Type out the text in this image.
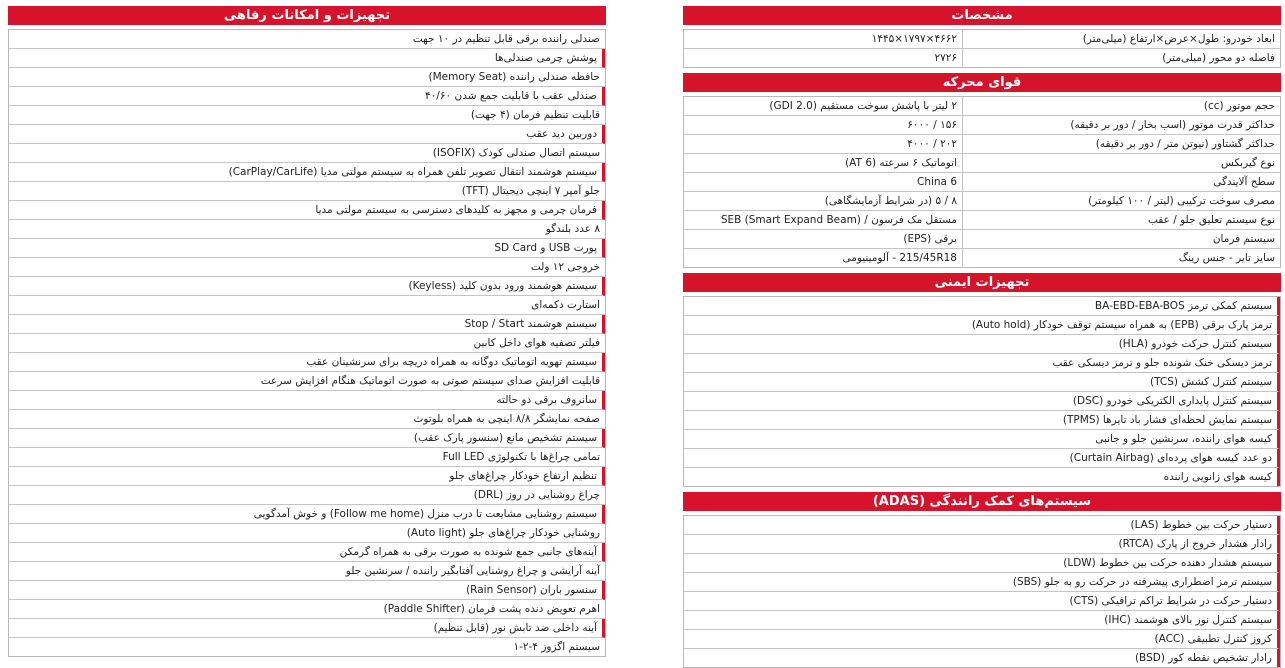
مشخصات
ابعاد خودرو: طول×عرض×ارتفاع (میلی‌متر)
۴۶۶۲×۱۷۹۷×۱۴۴۵
فاصله دو محور (میلی‌متر)
۲۷۲۶
قوای محرکه
حجم موتور (cc)
۲ لیتر با پاشش سوخت مستقیم (GDI 2.0)
حداکثر قدرت موتور (اسب بخار / دور بر دقیقه)
۱۵۶ / ۶۰۰۰
حداکثر گشتاور (نیوتن متر / دور بر دقیقه)
۲۰۲ / ۴۰۰۰
نوع گیربکس
اتوماتیک ۶ سرعته (6 AT)
سطح آلایندگی
China 6
مصرف سوخت ترکیبی (لیتر / ۱۰۰ کیلومتر)
۸ / ۵ (در شرایط آزمایشگاهی)
نوع سیستم تعلیق جلو / عقب
مستقل مک فرسون / SEB (Smart Expand Beam)
سیستم فرمان
برقی (EPS)
سایز تایر - جنس رینگ
215/45R18 - آلومینیومی
تجهیزات ایمنی
سیستم کمکی ترمز BA-EBD-EBA-BOS
ترمز پارک برقی (EPB) به همراه سیستم توقف خودکار (Auto hold)
سیستم کنترل حرکت خودرو (HLA)
ترمز دیسکی خنک شونده جلو و ترمز دیسکی عقب
سیستم کنترل کشش (TCS)
سیستم کنترل پایداری الکتریکی خودرو (DSC)
سیستم نمایش لحظه‌ای فشار باد تایرها (TPMS)
کیسه هوای راننده، سرنشین جلو و جانبی
دو عدد کیسه هوای پرده‌ای (Curtain Airbag)
کیسه هوای زانویی راننده
سیستم‌های کمک رانندگی (ADAS)
دستیار حرکت بین خطوط (LAS)
رادار هشدار خروج از پارک (RTCA)
سیستم هشدار دهنده حرکت بین خطوط (LDW)
سیستم ترمز اضطراری پیشرفته در حرکت رو به جلو (SBS)
دستیار حرکت در شرایط تراکم ترافیکی (CTS)
سیستم کنترل نور بالای هوشمند (IHC)
کروز کنترل تطبیقی (ACC)
رادار تشخیص نقطه کور (BSD)
تجهیزات و امکانات رفاهی
صندلی راننده برقی قابل تنظیم در ۱۰ جهت
پوشش چرمی صندلی‌ها
حافظه صندلی راننده (Memory Seat)
صندلی عقب با قابلیت جمع شدن ۴۰/۶۰
قابلیت تنظیم فرمان (۴ جهت)
دوربین دید عقب
سیستم اتصال صندلی کودک (ISOFIX)
سیستم هوشمند انتقال تصویر تلفن همراه به سیستم مولتی مدیا (CarPlay/CarLife)
جلو آمپر ۷ اینچی دیجیتال (TFT)
فرمان چرمی و مجهز به کلیدهای دسترسی به سیستم مولتی مدیا
۸ عدد بلندگو
پورت USB و SD Card
خروجی ۱۲ ولت
سیستم هوشمند ورود بدون کلید (Keyless)
استارت دکمه‌ای
سیستم هوشمند Stop / Start
فیلتر تصفیه هوای داخل کابین
سیستم تهویه اتوماتیک دوگانه به همراه دریچه برای سرنشینان عقب
قابلیت افزایش صدای سیستم صوتی به صورت اتوماتیک هنگام افزایش سرعت
سانروف برقی دو حالته
صفحه نمایشگر ۸/۸ اینچی به همراه بلوتوث
سیستم تشخیص مانع (سنسور پارک عقب)
تمامی چراغ‌ها با تکنولوژی Full LED
تنظیم ارتفاع خودکار چراغ‌های جلو
چراغ روشنایی در روز (DRL)
سیستم روشنایی مشایعت تا درب منزل (Follow me home) و خوش آمدگویی
روشنایی خودکار چراغ‌های جلو (Auto light)
آینه‌های جانبی جمع شونده به صورت برقی به همراه گرمکن
آینه آرایشی و چراغ روشنایی آفتابگیر راننده / سرنشین جلو
سنسور باران (Rain Sensor)
اهرم تعویض دنده پشت فرمان (Paddle Shifter)
آینه داخلی ضد تابش نور (قابل تنظیم)
سیستم اگزوز ۴-۲-۱
